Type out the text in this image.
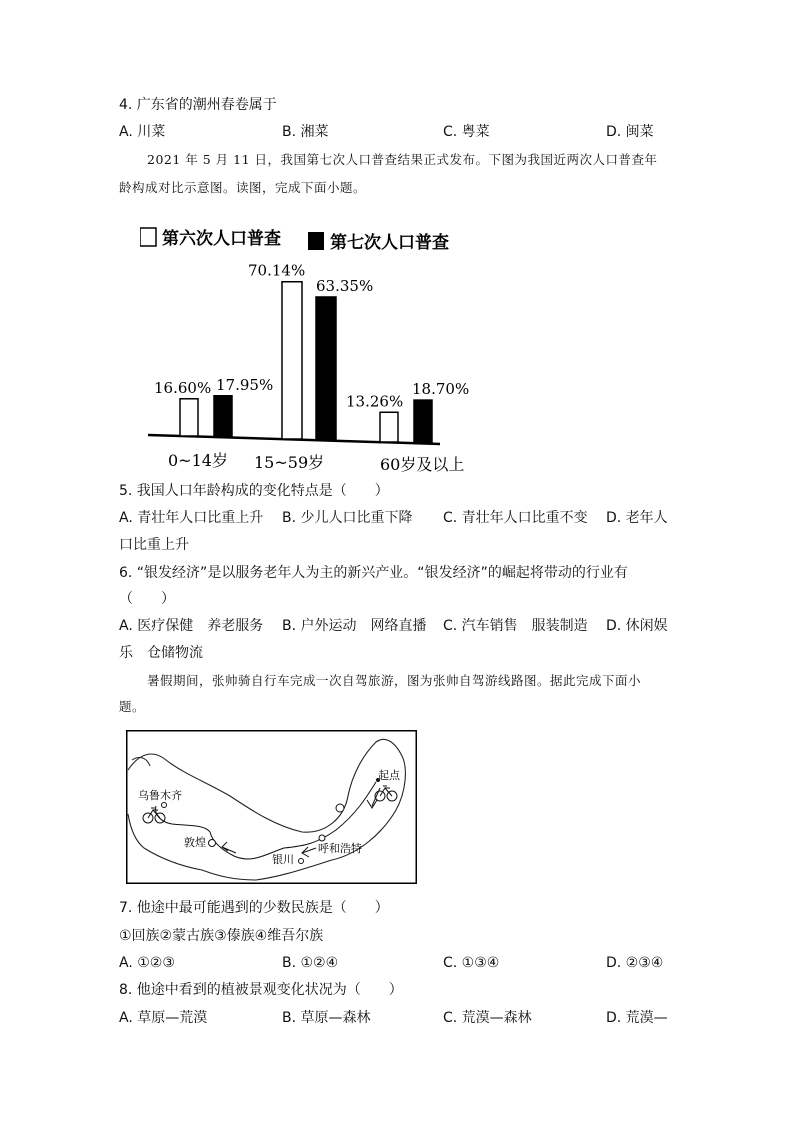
4. 广东省的潮州春卷属于
A. 川菜	B. 湘菜	C. 粤菜	D. 闽菜
2021 年 5 月 11 日，我国第七次人口普查结果正式发布。下图为我国近两次人口普查年
龄构成对比示意图。读图，完成下面小题。
第六次人口普查	第七次人口普查
16.60% 17.95%
70.14%
63.35%
13.26%
18.70%
0~14岁 15~59岁	60岁及以上
5. 我国人口年龄构成的变化特点是（　　）
A. 青壮年人口比重上升 B. 少儿人口比重下降 C. 青壮年人口比重不变 D. 老年人
口比重上升
6. “银发经济”是以服务老年人为主的新兴产业。“银发经济”的崛起将带动的行业有
（　　）
A. 医疗保健　养老服务 B. 户外运动　网络直播 C. 汽车销售　服装制造 D. 休闲娱
乐　仓储物流
暑假期间，张帅骑自行车完成一次自驾旅游，图为张帅自驾游线路图。据此完成下面小
题。
起点
乌鲁木齐
敦煌	呼和浩特
银川
7. 他途中最可能遇到的少数民族是（　　）
①回族②蒙古族③傣族④维吾尔族
A. ①②③	B. ①②④	C. ①③④	D. ②③④
8. 他途中看到的植被景观变化状况为（　　）
A. 草原—荒漠	B. 草原—森林	C. 荒漠—森林	D. 荒漠—
